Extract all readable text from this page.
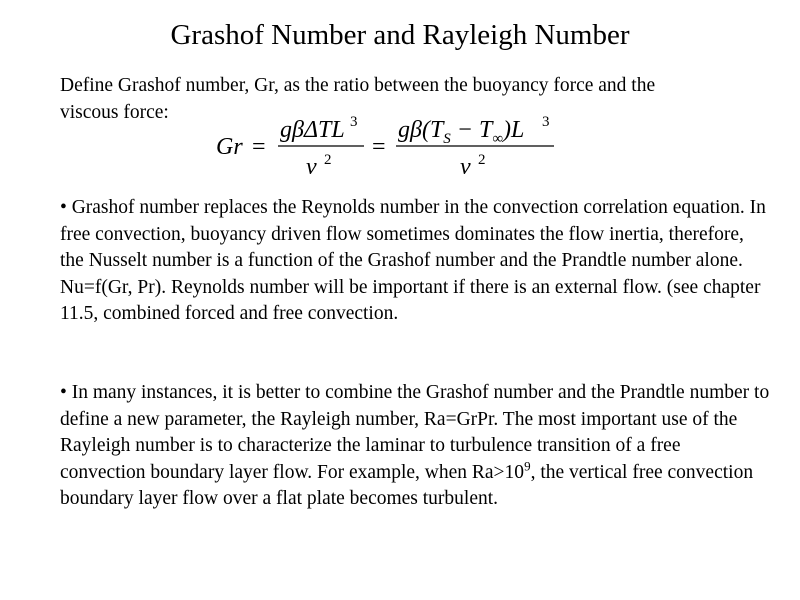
Grashof Number and Rayleigh Number

Define Grashof number, Gr, as the ratio between the buoyancy force and the
viscous force:

Gr =
gβΔTL 3
ν 2 =
$g\beta(T_S - T_\infty)L$ 3
ν 2

• Grashof number replaces the Reynolds number in the convection correlation equation. In free convection, buoyancy driven flow sometimes dominates the flow inertia, therefore, the Nusselt number is a function of the Grashof number and the Prandtle number alone. Nu=f(Gr, Pr). Reynolds number will be important if there is an external flow. (see chapter 11.5, combined forced and free convection.

• In many instances, it is better to combine the Grashof number and the Prandtle number to define a new parameter, the Rayleigh number, Ra=GrPr. The most important use of the Rayleigh number is to characterize the laminar to turbulence transition of a free convection boundary layer flow. For example, when $Ra>10^9$, the vertical free convection boundary layer flow over a flat plate becomes turbulent.
